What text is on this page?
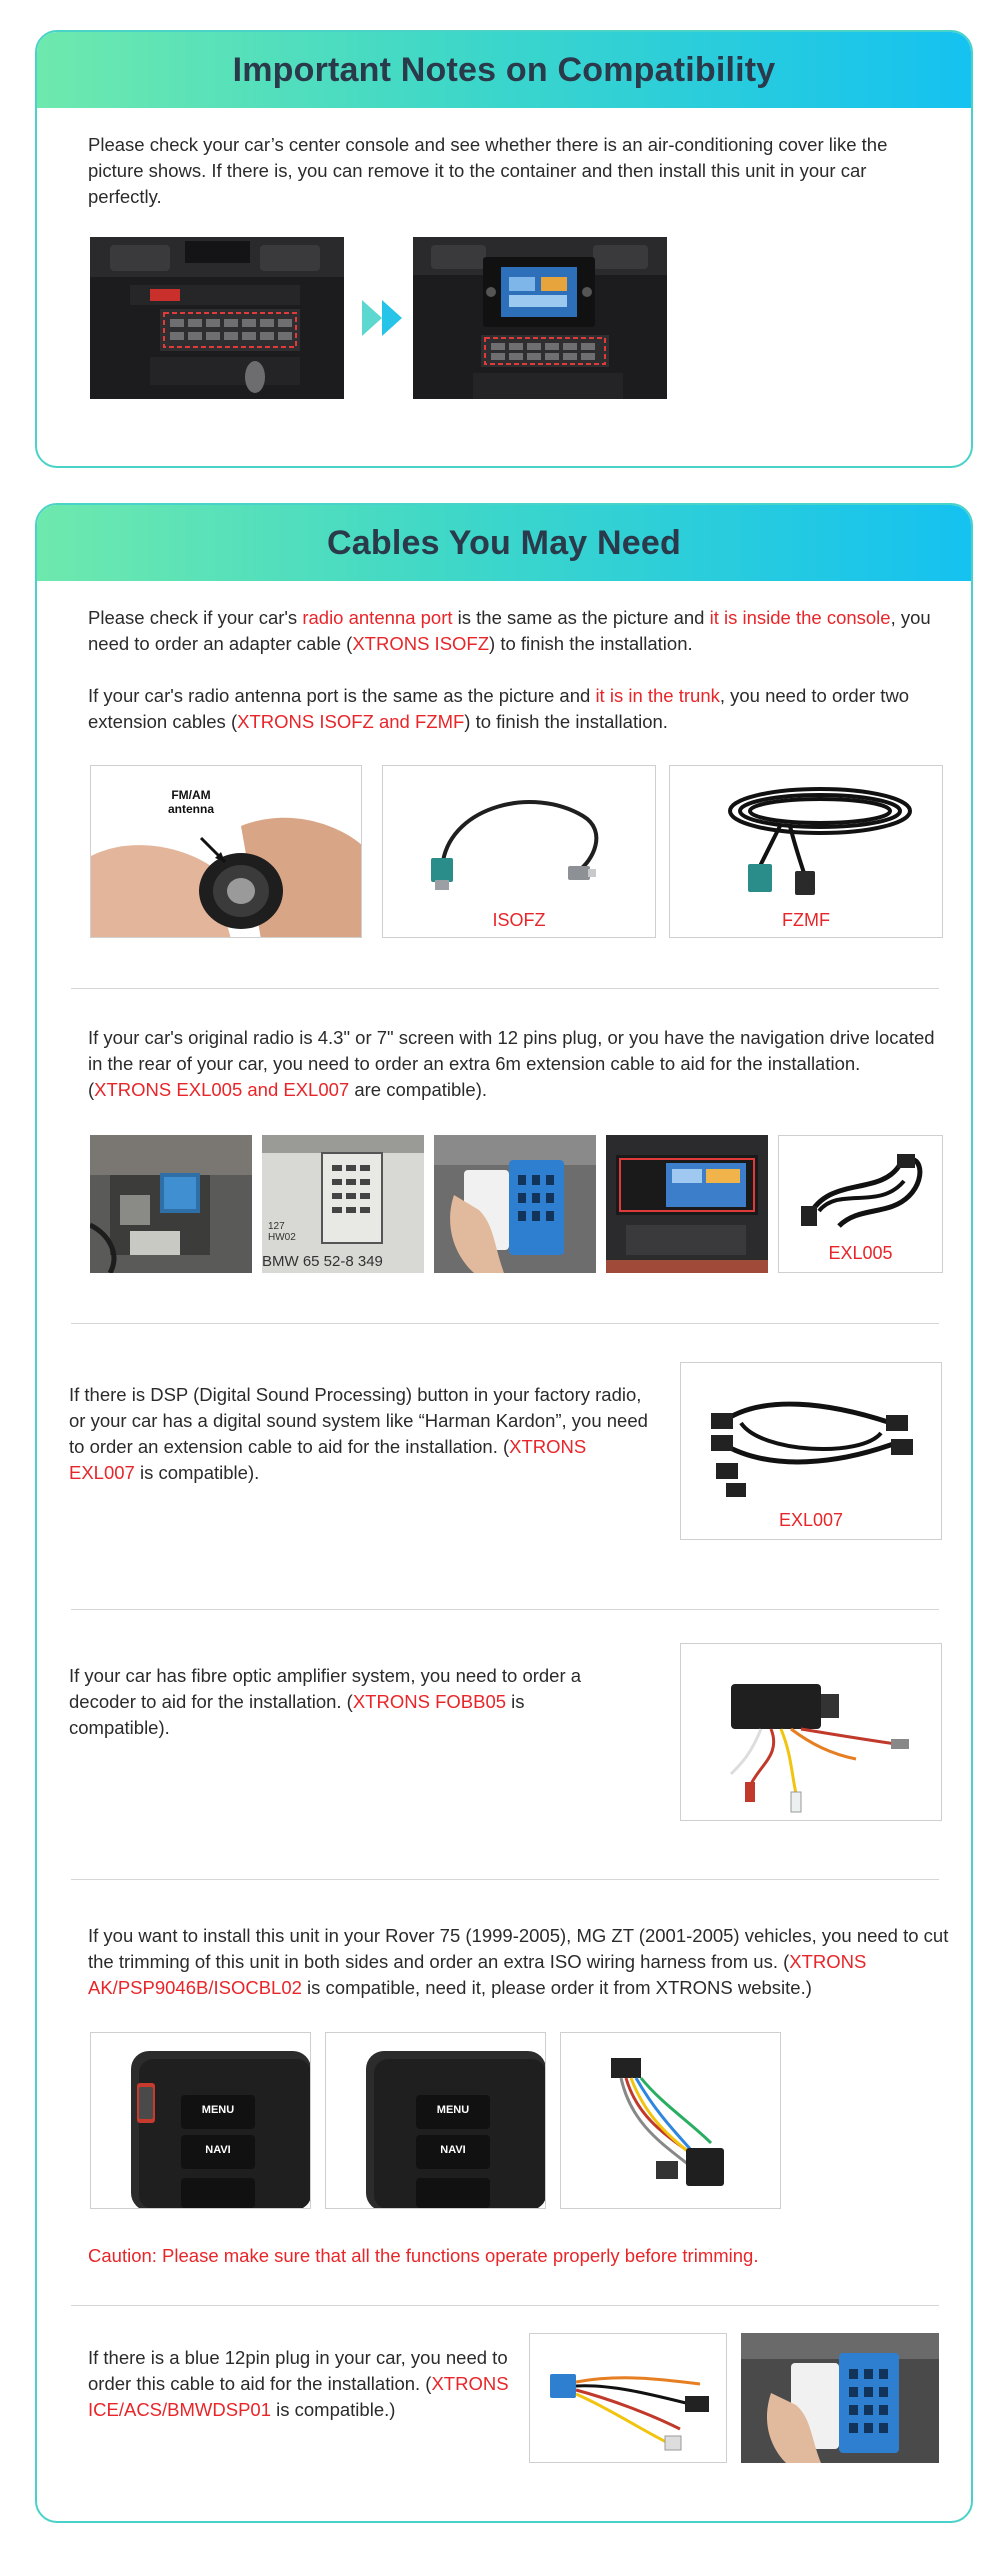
Important Notes on Compatibility
Please check your car’s center console and see whether there is an air-conditioning cover like the picture shows. If there is, you can remove it to the container and then install this unit in your car perfectly.
Cables You May Need
Please check if your car's radio antenna port is the same as the picture and it is inside the console, you need to order an adapter cable (XTRONS ISOFZ) to finish the installation.
If your car's radio antenna port is the same as the picture and it is in the trunk, you need to order two extension cables (XTRONS ISOFZ and FZMF) to finish the installation.
FM/AM
antenna
ISOFZ	FZMF
If your car's original radio is 4.3" or 7" screen with 12 pins plug, or you have the navigation drive located in the rear of your car, you need to order an extra 6m extension cable to aid for the installation. (XTRONS EXL005 and EXL007 are compatible).
127
HW02
BMW 65 52-8 349	EXL005
If there is DSP (Digital Sound Processing) button in your factory radio, or your car has a digital sound system like “Harman Kardon”, you need to order an extension cable to aid for the installation. (XTRONS EXL007 is compatible).
EXL007
If your car has fibre optic amplifier system, you need to order a decoder to aid for the installation. (XTRONS FOBB05 is compatible).
If you want to install this unit in your Rover 75 (1999-2005), MG ZT (2001-2005) vehicles, you need to cut the trimming of this unit in both sides and order an extra ISO wiring harness from us. (XTRONS AK/PSP9046B/ISOCBL02 is compatible, need it, please order it from XTRONS website.)
MENU
NAVI
MENU
NAVI
Caution: Please make sure that all the functions operate properly before trimming.
If there is a blue 12pin plug in your car, you need to order this cable to aid for the installation. (XTRONS ICE/ACS/BMWDSP01 is compatible.)
